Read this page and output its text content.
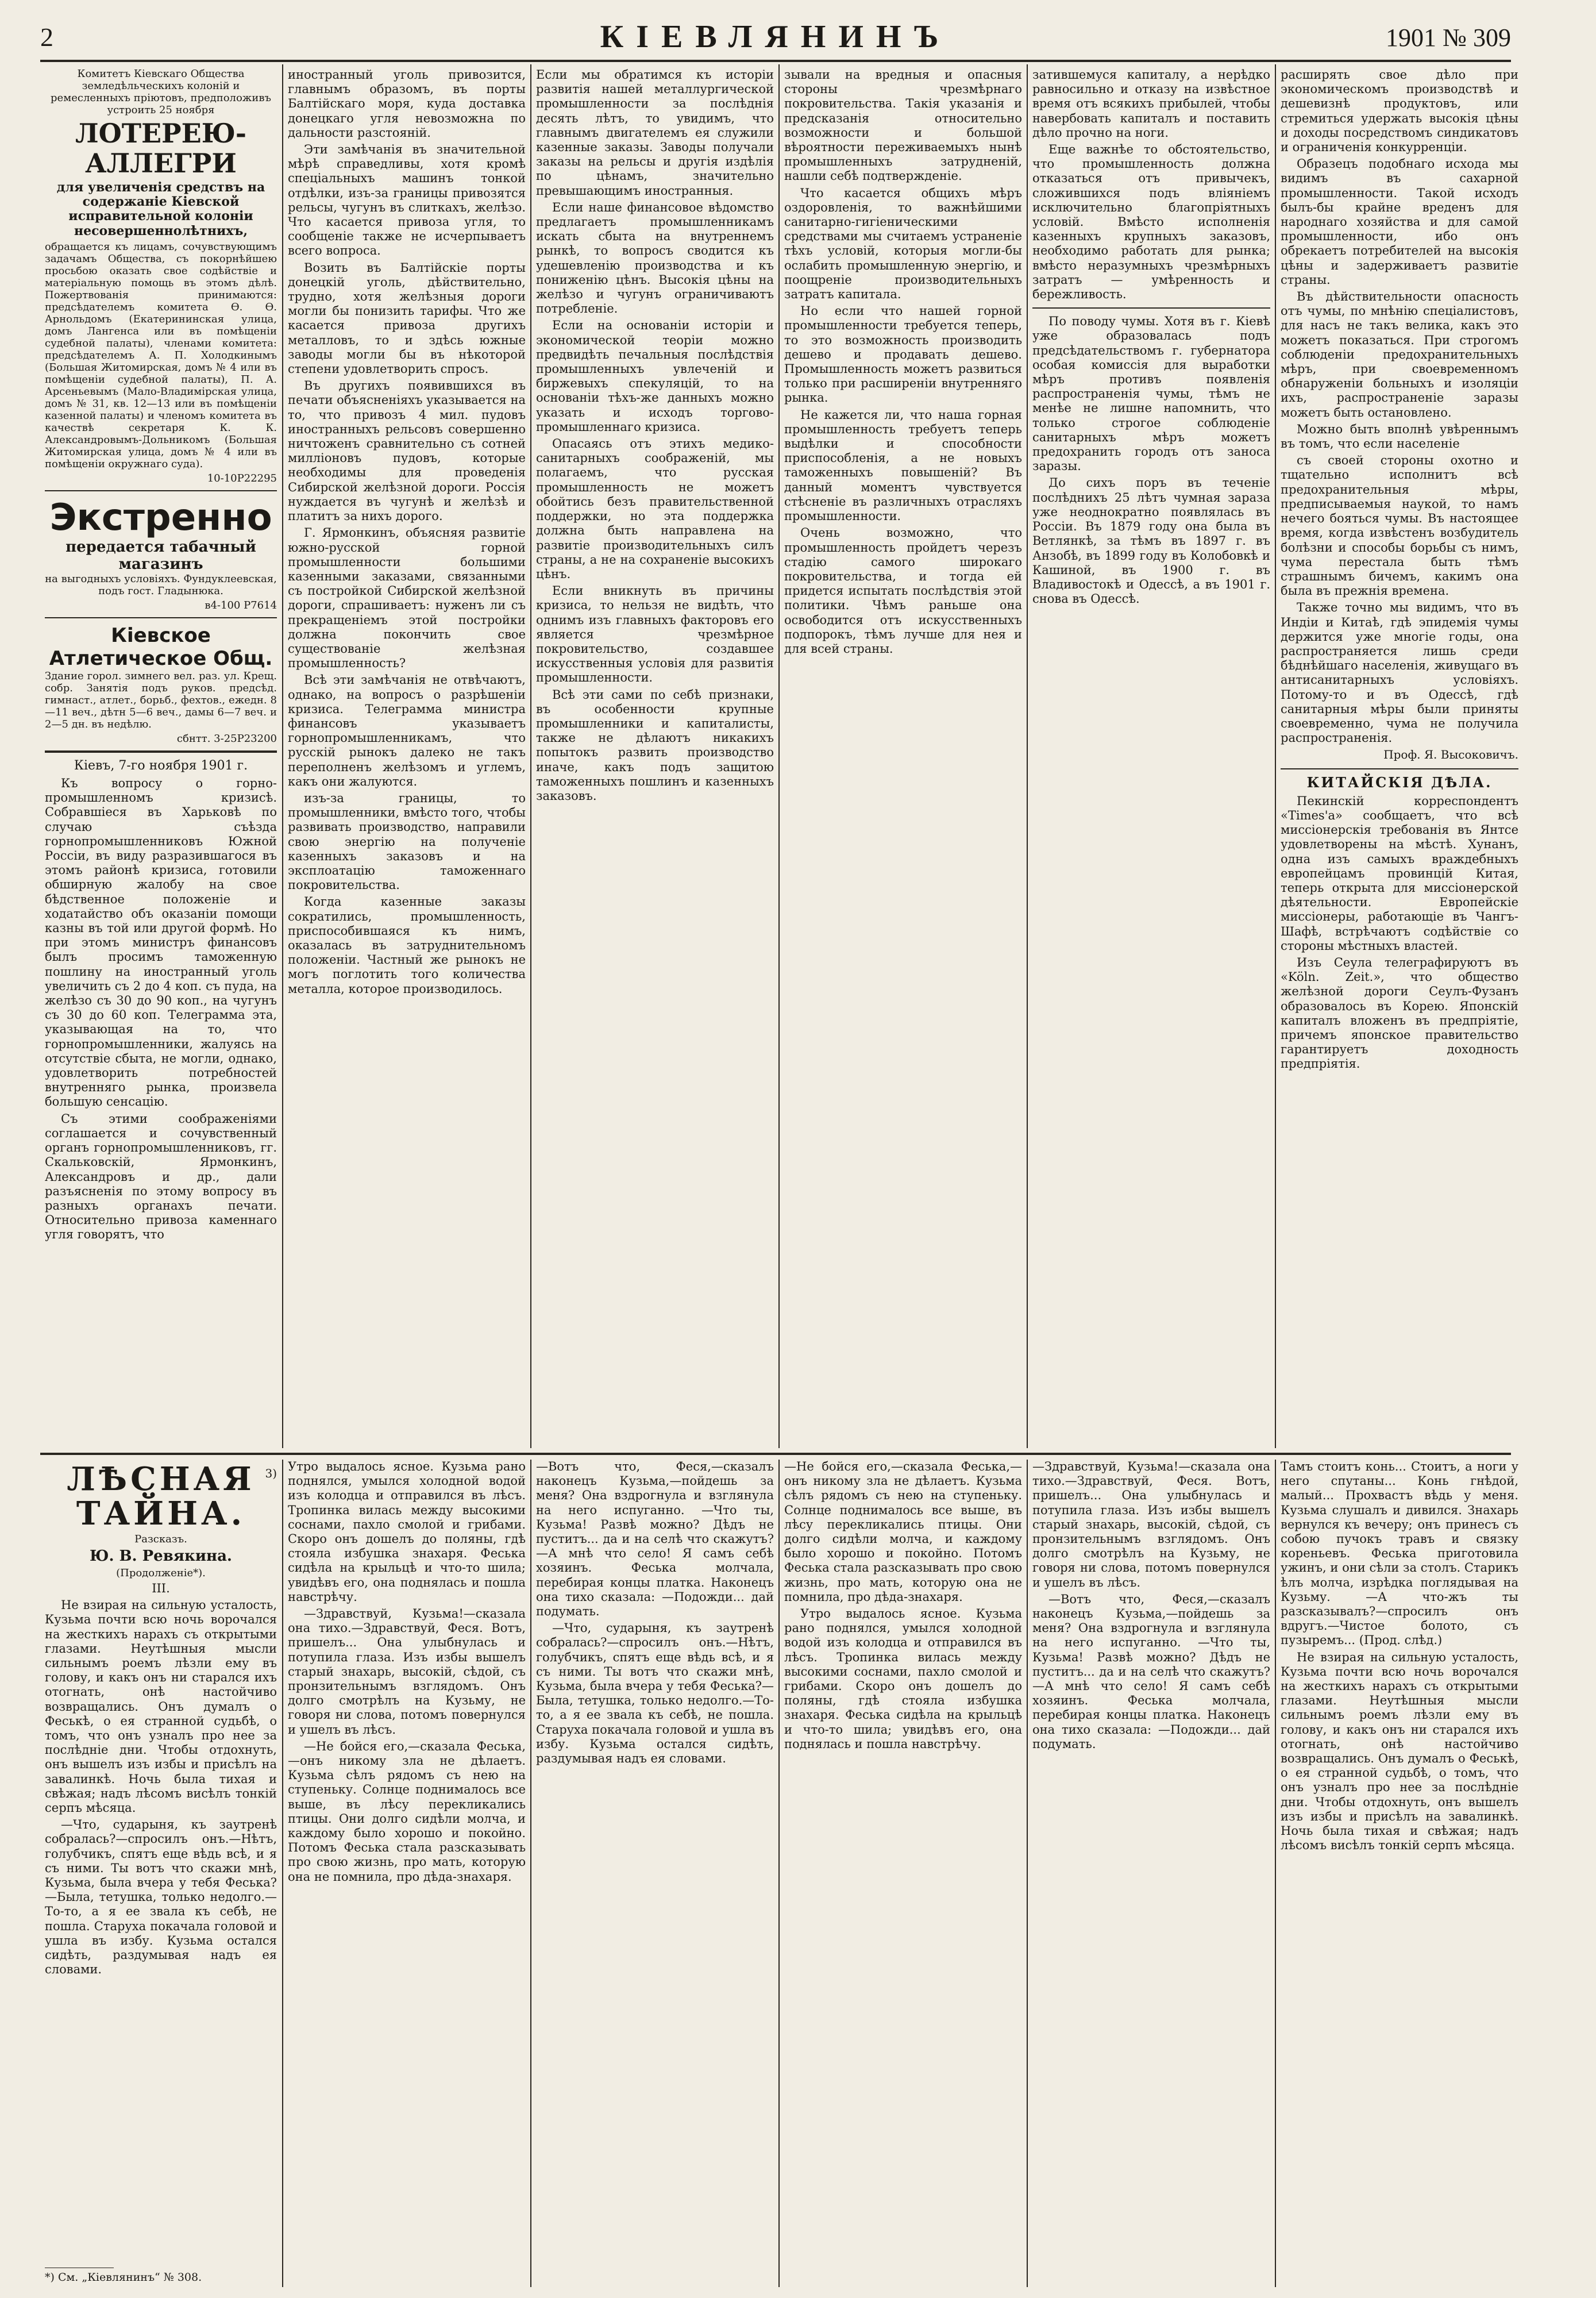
2	КІЕВЛЯНИНЪ	1901 № 309

Комитетъ Кіевскаго Общества земледѣльческихъ колоній и ремесленныхъ пріютовъ, предположивъ устроить 25 ноября

ЛОТЕРЕЮ-АЛЛЕГРИ

для увеличенія средствъ на содержаніе Кіевской исправительной колоніи несовершеннолѣтнихъ,

обращается къ лицамъ, сочувствующимъ задачамъ Общества, съ покорнѣйшею просьбою оказать свое содѣйствіе и матеріальную помощь въ этомъ дѣлѣ. Пожертвованія принимаются: предсѣдателемъ комитета Ѳ. Ѳ. Арнольдомъ (Екатерининская улица, домъ Лангенса или въ помѣщеніи судебной палаты), членами комитета: предсѣдателемъ А. П. Холодкинымъ (Большая Житомирская, домъ № 4 или въ помѣщеніи судебной палаты), П. А. Арсеньевымъ (Мало-Владимірская улица, домъ № 31, кв. 12—13 или въ помѣщеніи казенной палаты) и членомъ комитета въ качествѣ секретаря К. К. Александровымъ-Дольникомъ (Большая Житомирская улица, домъ № 4 или въ помѣщеніи окружнаго суда).

10-10Р22295

Экстренно
передается табачный магазинъ

на выгодныхъ условіяхъ. Фундуклеевская, подъ гост. Гладынюка.

в4-100 Р7614

Кіевское Атлетическое Общ.

Здание горол. зимнего вел. раз. ул. Крещ. собр. Занятія подъ руков. предсѣд. гимнаст., атлет., борьб., фехтов., ежедн. 8—11 веч., дѣтн 5—6 веч., дамы 6—7 веч. и 2—5 дн. въ недѣлю.

сбнтт. 3-25Р23200

Кіевъ, 7-го ноября 1901 г.

Къ вопросу о горно-промышленномъ кризисѣ. Собравшіеся въ Харьковѣ по случаю съѣзда горнопромышленниковъ Южной Россіи, въ виду разразившагося въ этомъ районѣ кризиса, готовили обширную жалобу на свое бѣдственное положеніе и ходатайство объ оказаніи помощи казны въ той или другой формѣ. Но при этомъ министръ финансовъ былъ просимъ таможенную пошлину на иностранный уголь увеличить съ 2 до 4 коп. съ пуда, на желѣзо съ 30 до 90 коп., на чугунъ съ 30 до 60 коп. Телеграмма эта, указывающая на то, что горнопромышленники, жалуясь на отсутствіе сбыта, не могли, однако, удовлетворить потребностей внутренняго рынка, произвела большую сенсацію.

Съ этими соображеніями соглашается и сочувственный органъ горнопромышленниковъ, гг. Скальковскій, Ярмонкинъ, Александровъ и др., дали разъясненія по этому вопросу въ разныхъ органахъ печати. Относительно привоза каменнаго угля говорятъ, что

иностранный уголь привозится, главнымъ образомъ, въ порты Балтійскаго моря, куда доставка донецкаго угля невозможна по дальности разстояній.

Эти замѣчанія въ значительной мѣрѣ справедливы, хотя кромѣ спеціальныхъ машинъ тонкой отдѣлки, изъ-за границы привозятся рельсы, чугунъ въ слиткахъ, желѣзо. Что касается привоза угля, то сообщеніе также не исчерпываетъ всего вопроса.

Возить въ Балтійскіе порты донецкій уголь, дѣйствительно, трудно, хотя желѣзныя дороги могли бы понизить тарифы. Что же касается привоза другихъ металловъ, то и здѣсь южные заводы могли бы въ нѣкоторой степени удовлетворить спросъ.

Въ другихъ появившихся въ печати объясненіяхъ указывается на то, что привозъ 4 мил. пудовъ иностранныхъ рельсовъ совершенно ничтоженъ сравнительно съ сотней милліоновъ пудовъ, которые необходимы для проведенія Сибирской желѣзной дороги. Россія нуждается въ чугунѣ и желѣзѣ и платитъ за нихъ дорого.

Г. Ярмонкинъ, объясняя развитіе южно-русской горной промышленности большими казенными заказами, связанными съ постройкой Сибирской желѣзной дороги, спрашиваетъ: нуженъ ли съ прекращеніемъ этой постройки должна покончить свое существованіе желѣзная промышленность?

Всѣ эти замѣчанія не отвѣчаютъ, однако, на вопросъ о разрѣшеніи кризиса. Телеграмма министра финансовъ указываетъ горнопромышленникамъ, что русскій рынокъ далеко не такъ переполненъ желѣзомъ и углемъ, какъ они жалуются.

изъ-за границы, то промышленники, вмѣсто того, чтобы развивать производство, направили свою энергію на полученіе казенныхъ заказовъ и на эксплоатацію таможеннаго покровительства.

Когда казенные заказы сократились, промышленность, приспособившаяся къ нимъ, оказалась въ затруднительномъ положеніи. Частный же рынокъ не могъ поглотить того количества металла, которое производилось.

Если мы обратимся къ исторіи развитія нашей металлургической промышленности за послѣднія десять лѣтъ, то увидимъ, что главнымъ двигателемъ ея служили казенные заказы. Заводы получали заказы на рельсы и другія издѣлія по цѣнамъ, значительно превышающимъ иностранныя.

Если наше финансовое вѣдомство предлагаетъ промышленникамъ искать сбыта на внутреннемъ рынкѣ, то вопросъ сводится къ удешевленію производства и къ пониженію цѣнъ. Высокія цѣны на желѣзо и чугунъ ограничиваютъ потребленіе.

Если на основаніи исторіи и экономической теоріи можно предвидѣть печальныя послѣдствія промышленныхъ увлеченій и биржевыхъ спекуляцій, то на основаніи тѣхъ-же данныхъ можно указать и исходъ торгово-промышленнаго кризиса.

Опасаясь отъ этихъ медико-санитарныхъ соображеній, мы полагаемъ, что русская промышленность не можетъ обойтись безъ правительственной поддержки, но эта поддержка должна быть направлена на развитіе производительныхъ силъ страны, а не на сохраненіе высокихъ цѣнъ.

Если вникнуть въ причины кризиса, то нельзя не видѣть, что однимъ изъ главныхъ факторовъ его является чрезмѣрное покровительство, создавшее искусственныя условія для развитія промышленности.

Всѣ эти сами по себѣ признаки, въ особенности крупные промышленники и капиталисты, также не дѣлаютъ никакихъ попытокъ развить производство иначе, какъ подъ защитою таможенныхъ пошлинъ и казенныхъ заказовъ.

зывали на вредныя и опасныя стороны чрезмѣрнаго покровительства. Такія указанія и предсказанія относительно возможности и большой вѣроятности переживаемыхъ нынѣ промышленныхъ затрудненій, нашли себѣ подтвержденіе.

Что касается общихъ мѣръ оздоровленія, то важнѣйшими санитарно-гигіеническими средствами мы считаемъ устраненіе тѣхъ условій, которыя могли-бы ослабить промышленную энергію, и поощреніе производительныхъ затратъ капитала.

Но если что нашей горной промышленности требуется теперь, то это возможность производить дешево и продавать дешево. Промышленность можетъ развиться только при расширеніи внутренняго рынка.

Не кажется ли, что наша горная промышленность требуетъ теперь выдѣлки и способности приспособленія, а не новыхъ таможенныхъ повышеній? Въ данный моментъ чувствуется стѣсненіе въ различныхъ отрасляхъ промышленности.

Очень возможно, что промышленность пройдетъ черезъ стадію самого широкаго покровительства, и тогда ей придется испытать послѣдствія этой политики. Чѣмъ раньше она освободится отъ искусственныхъ подпорокъ, тѣмъ лучше для нея и для всей страны.

затившемуся капиталу, а нерѣдко равносильно и отказу на извѣстное время отъ всякихъ прибылей, чтобы навербовать капиталъ и поставить дѣло прочно на ноги.

Еще важнѣе то обстоятельство, что промышленность должна отказаться отъ привычекъ, сложившихся подъ вліяніемъ исключительно благопріятныхъ условій. Вмѣсто исполненія казенныхъ крупныхъ заказовъ, необходимо работать для рынка; вмѣсто неразумныхъ чрезмѣрныхъ затратъ — умѣренность и бережливость.

По поводу чумы. Хотя въ г. Кіевѣ уже образовалась подъ предсѣдательствомъ г. губернатора особая комиссія для выработки мѣръ противъ появленія распространенія чумы, тѣмъ не менѣе не лишне напомнить, что только строгое соблюденіе санитарныхъ мѣръ можетъ предохранить городъ отъ заноса заразы.

До сихъ поръ въ теченіе послѣднихъ 25 лѣтъ чумная зараза уже неоднократно появлялась въ Россіи. Въ 1879 году она была въ Ветлянкѣ, за тѣмъ въ 1897 г. въ Анзобѣ, въ 1899 году въ Колобовкѣ и Кашиной, въ 1900 г. въ Владивостокѣ и Одессѣ, а въ 1901 г. снова въ Одессѣ.

расширять свое дѣло при экономическомъ производствѣ и дешевизнѣ продуктовъ, или стремиться удержать высокія цѣны и доходы посредствомъ синдикатовъ и ограниченія конкурренціи.

Образецъ подобнаго исхода мы видимъ въ сахарной промышленности. Такой исходъ былъ-бы крайне вреденъ для народнаго хозяйства и для самой промышленности, ибо онъ обрекаетъ потребителей на высокія цѣны и задерживаетъ развитіе страны.

Въ дѣйствительности опасность отъ чумы, по мнѣнію спеціалистовъ, для насъ не такъ велика, какъ это можетъ показаться. При строгомъ соблюденіи предохранительныхъ мѣръ, при своевременномъ обнаруженіи больныхъ и изоляціи ихъ, распространеніе заразы можетъ быть остановлено.

Можно быть вполнѣ увѣреннымъ въ томъ, что если населеніе

съ своей стороны охотно и тщательно исполнитъ всѣ предохранительныя мѣры, предписываемыя наукой, то намъ нечего бояться чумы. Въ настоящее время, когда извѣстенъ возбудитель болѣзни и способы борьбы съ нимъ, чума перестала быть тѣмъ страшнымъ бичемъ, какимъ она была въ прежнія времена.

Также точно мы видимъ, что въ Индіи и Китаѣ, гдѣ эпидемія чумы держится уже многіе годы, она распространяется лишь среди бѣднѣйшаго населенія, живущаго въ антисанитарныхъ условіяхъ. Потому-то и въ Одессѣ, гдѣ санитарныя мѣры были приняты своевременно, чума не получила распространенія.

Проф. Я. Высоковичъ.

КИТАЙСКІЯ ДѢЛА.

Пекинскій корреспондентъ «Times'а» сообщаетъ, что всѣ миссіонерскія требованія въ Янтсе удовлетворены на мѣстѣ. Хунанъ, одна изъ самыхъ враждебныхъ европейцамъ провинцій Китая, теперь открыта для миссіонерской дѣятельности. Европейскіе миссіонеры, работающіе въ Чангъ-Шафѣ, встрѣчаютъ содѣйствіе со стороны мѣстныхъ властей.

Изъ Сеула телеграфируютъ въ «Köln. Zeit.», что общество желѣзной дороги Сеулъ-Фузанъ образовалось въ Корею. Японскій капиталъ вложенъ въ предпріятіе, причемъ японское правительство гарантируетъ доходность предпріятія.

ЛѢСНАЯ ТАЙНА.
3)

Разсказъ.

Ю. В. Ревякина.

(Продолженіе*).

III.

Не взирая на сильную усталость, Кузьма почти всю ночь ворочался на жесткихъ нарахъ съ открытыми глазами. Неутѣшныя мысли сильнымъ роемъ лѣзли ему въ голову, и какъ онъ ни старался ихъ отогнать, онѣ настойчиво возвращались. Онъ думалъ о Феськѣ, о ея странной судьбѣ, о томъ, что онъ узналъ про нее за послѣдніе дни. Чтобы отдохнуть, онъ вышелъ изъ избы и присѣлъ на завалинкѣ. Ночь была тихая и свѣжая; надъ лѣсомъ висѣлъ тонкій серпъ мѣсяца.

—Что, сударыня, къ заутренѣ собралась?—спросилъ онъ.—Нѣтъ, голубчикъ, спятъ еще вѣдь всѣ, и я съ ними. Ты вотъ что скажи мнѣ, Кузьма, была вчера у тебя Феська?—Была, тетушка, только недолго.—То-то, а я ее звала къ себѣ, не пошла. Старуха покачала головой и ушла въ избу. Кузьма остался сидѣть, раздумывая надъ ея словами.

*) См. „Кіевлянинъ“ № 308.

Утро выдалось ясное. Кузьма рано поднялся, умылся холодной водой изъ колодца и отправился въ лѣсъ. Тропинка вилась между высокими соснами, пахло смолой и грибами. Скоро онъ дошелъ до поляны, гдѣ стояла избушка знахаря. Феська сидѣла на крыльцѣ и что-то шила; увидѣвъ его, она поднялась и пошла навстрѣчу.

—Здравствуй, Кузьма!—сказала она тихо.—Здравствуй, Феся. Вотъ, пришелъ... Она улыбнулась и потупила глаза. Изъ избы вышелъ старый знахарь, высокій, сѣдой, съ пронзительнымъ взглядомъ. Онъ долго смотрѣлъ на Кузьму, не говоря ни слова, потомъ повернулся и ушелъ въ лѣсъ.

—Не бойся его,—сказала Феська,—онъ никому зла не дѣлаетъ. Кузьма сѣлъ рядомъ съ нею на ступеньку. Солнце поднималось все выше, въ лѣсу перекликались птицы. Они долго сидѣли молча, и каждому было хорошо и покойно. Потомъ Феська стала разсказывать про свою жизнь, про мать, которую она не помнила, про дѣда-знахаря.

—Вотъ что, Феся,—сказалъ наконецъ Кузьма,—пойдешь за меня? Она вздрогнула и взглянула на него испуганно. —Что ты, Кузьма! Развѣ можно? Дѣдъ не пуститъ... да и на селѣ что скажутъ? —А мнѣ что село! Я самъ себѣ хозяинъ. Феська молчала, перебирая концы платка. Наконецъ она тихо сказала: —Подожди... дай подумать.

—Что, сударыня, къ заутренѣ собралась?—спросилъ онъ.—Нѣтъ, голубчикъ, спятъ еще вѣдь всѣ, и я съ ними. Ты вотъ что скажи мнѣ, Кузьма, была вчера у тебя Феська?—Была, тетушка, только недолго.—То-то, а я ее звала къ себѣ, не пошла. Старуха покачала головой и ушла въ избу. Кузьма остался сидѣть, раздумывая надъ ея словами.

—Не бойся его,—сказала Феська,—онъ никому зла не дѣлаетъ. Кузьма сѣлъ рядомъ съ нею на ступеньку. Солнце поднималось все выше, въ лѣсу перекликались птицы. Они долго сидѣли молча, и каждому было хорошо и покойно. Потомъ Феська стала разсказывать про свою жизнь, про мать, которую она не помнила, про дѣда-знахаря.

Утро выдалось ясное. Кузьма рано поднялся, умылся холодной водой изъ колодца и отправился въ лѣсъ. Тропинка вилась между высокими соснами, пахло смолой и грибами. Скоро онъ дошелъ до поляны, гдѣ стояла избушка знахаря. Феська сидѣла на крыльцѣ и что-то шила; увидѣвъ его, она поднялась и пошла навстрѣчу.

—Здравствуй, Кузьма!—сказала она тихо.—Здравствуй, Феся. Вотъ, пришелъ... Она улыбнулась и потупила глаза. Изъ избы вышелъ старый знахарь, высокій, сѣдой, съ пронзительнымъ взглядомъ. Онъ долго смотрѣлъ на Кузьму, не говоря ни слова, потомъ повернулся и ушелъ въ лѣсъ.

—Вотъ что, Феся,—сказалъ наконецъ Кузьма,—пойдешь за меня? Она вздрогнула и взглянула на него испуганно. —Что ты, Кузьма! Развѣ можно? Дѣдъ не пуститъ... да и на селѣ что скажутъ? —А мнѣ что село! Я самъ себѣ хозяинъ. Феська молчала, перебирая концы платка. Наконецъ она тихо сказала: —Подожди... дай подумать.

Тамъ стоитъ конь... Стоитъ, а ноги у него спутаны... Конь гнѣдой, малый... Прохвастъ вѣдь у меня. Кузьма слушалъ и дивился. Знахарь вернулся къ вечеру; онъ принесъ съ собою пучокъ травъ и связку кореньевъ. Феська приготовила ужинъ, и они сѣли за столъ. Старикъ ѣлъ молча, изрѣдка поглядывая на Кузьму. —А что-жъ ты разсказывалъ?—спросилъ онъ вдругъ.—Чистое болото, съ пузыремъ... (Прод. слѣд.)

Не взирая на сильную усталость, Кузьма почти всю ночь ворочался на жесткихъ нарахъ съ открытыми глазами. Неутѣшныя мысли сильнымъ роемъ лѣзли ему въ голову, и какъ онъ ни старался ихъ отогнать, онѣ настойчиво возвращались. Онъ думалъ о Феськѣ, о ея странной судьбѣ, о томъ, что онъ узналъ про нее за послѣдніе дни. Чтобы отдохнуть, онъ вышелъ изъ избы и присѣлъ на завалинкѣ. Ночь была тихая и свѣжая; надъ лѣсомъ висѣлъ тонкій серпъ мѣсяца.
